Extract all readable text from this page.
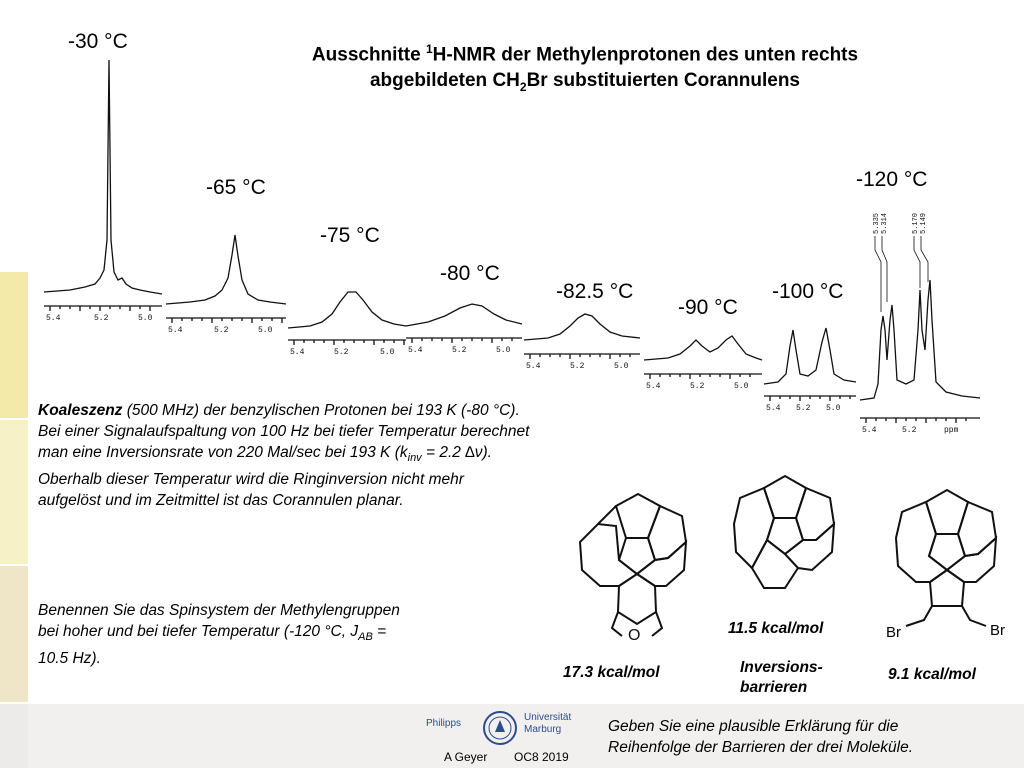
Ausschnitte $^1$H-NMR der Methylenprotonen des unten rechts
abgebildeten $CH_2Br$ substituierten Corannulens
5.4	5.2	5.0
5.4	5.2	5.0
5.4	5.2	5.0 5.4	5.2	5.0
5.4	5.2	5.0
5.4	5.2	5.0
5.4 5.2 5.0
5.4	5.2	ppm
5.335 5.314	5.170 5.149
-30 °C
-65 °C
-75 °C
-80 °C
-82.5 °C
-90 °C
-100 °C
-120 °C
Koaleszenz (500 MHz) der benzylischen Protonen bei 193 K (-80 °C).
Bei einer Signalaufspaltung von 100 Hz bei tiefer Temperatur berechnet
man eine Inversionsrate von 220 Mal/sec bei 193 K ($k_{inv} = 2.2$ ∆ν).
Oberhalb dieser Temperatur wird die Ringinversion nicht mehr
aufgelöst und im Zeitmittel ist das Corannulen planar.
Benennen Sie das Spinsystem der Methylengruppen
bei hoher und bei tiefer Temperatur (-120 °C, $J_{AB}$ =
10.5 Hz).
O	Br	Br
17.3 kcal/mol
11.5 kcal/mol
9.1 kcal/mol
Inversions-
barrieren
Philipps
Universität
Marburg
A Geyer OC8 2019
Geben Sie eine plausible Erklärung für die
Reihenfolge der Barrieren der drei Moleküle.
